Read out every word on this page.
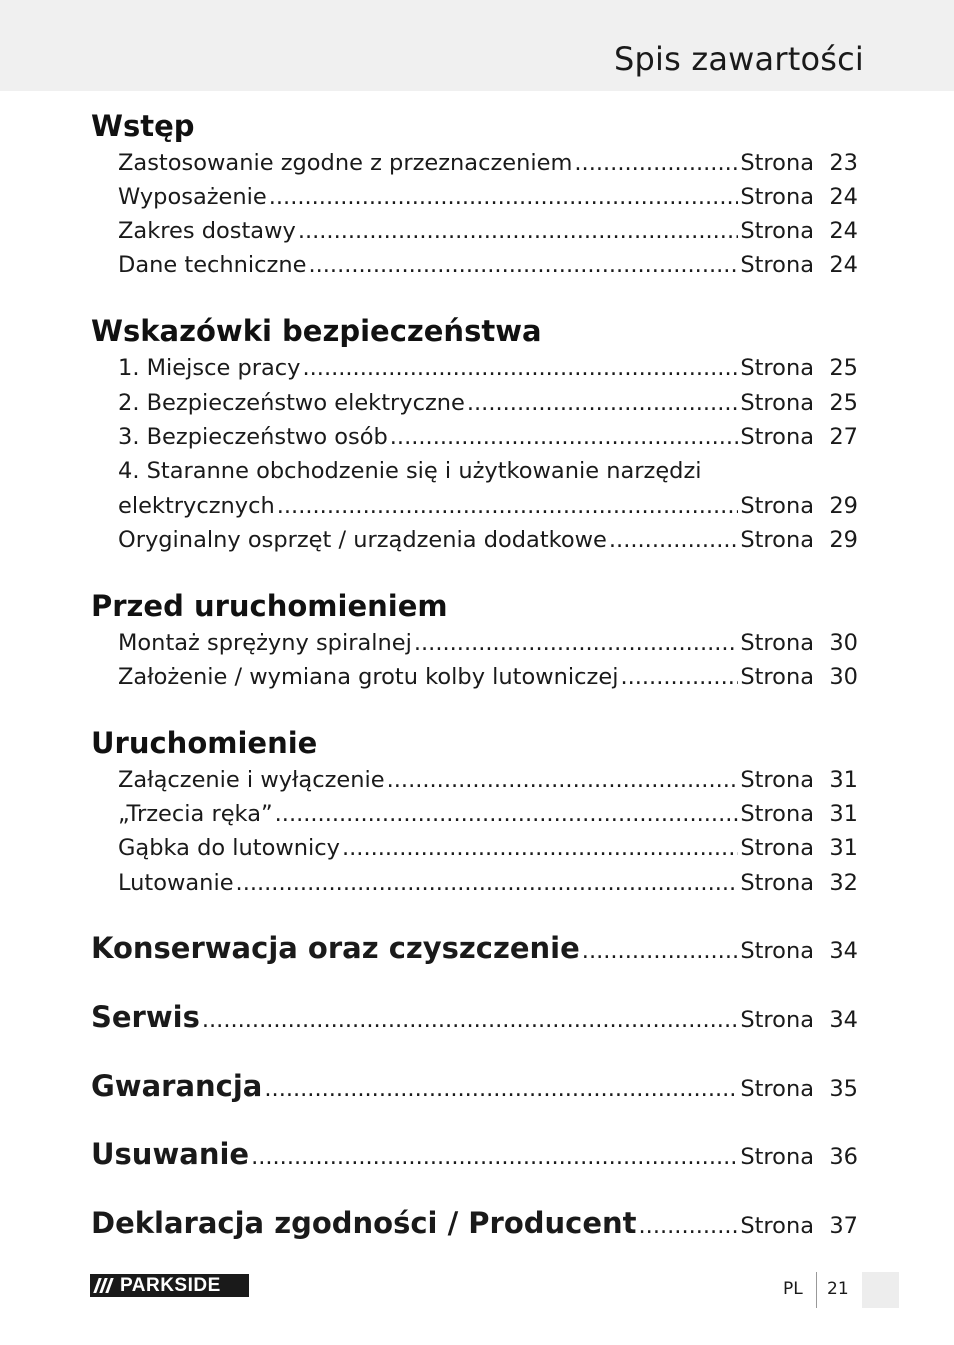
Spis zawartości
Wstęp
Zastosowanie zgodne z przeznaczeniem .....	Strona 23
Wyposażenie .....	Strona 24
Zakres dostawy .....	Strona 24
Dane techniczne .....	Strona 24
Wskazówki bezpieczeństwa
1. Miejsce pracy .....	Strona 25
2. Bezpieczeństwo elektryczne .....	Strona 25
3. Bezpieczeństwo osób .....	Strona 27
4. Staranne obchodzenie się i użytkowanie narzędzi
elektrycznych .....	Strona 29
Oryginalny osprzęt / urządzenia dodatkowe .....	Strona 29
Przed uruchomieniem
Montaż sprężyny spiralnej .....	Strona 30
Założenie / wymiana grotu kolby lutowniczej .....	Strona 30
Uruchomienie
Załączenie i wyłączenie .....	Strona 31
„Trzecia ręka” .....	Strona 31
Gąbka do lutownicy .....	Strona 31
Lutowanie .....	Strona 32
Konserwacja oraz czyszczenie .....	Strona 34
Serwis .....	Strona 34
Gwarancja .....	Strona 35
Usuwanie .....	Strona 36
Deklaracja zgodności / Producent .....	Strona 37
PARKSIDE	PL 21
